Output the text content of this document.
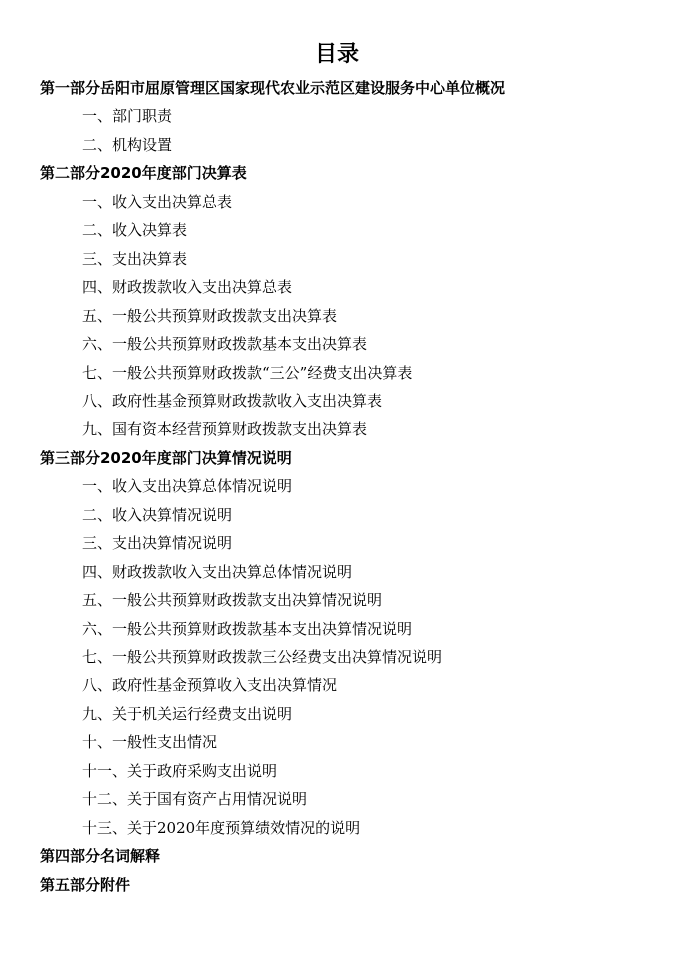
目录
第一部分岳阳市屈原管理区国家现代农业示范区建设服务中心单位概况
一、部门职责
二、机构设置
第二部分2020年度部门决算表
一、收入支出决算总表
二、收入决算表
三、支出决算表
四、财政拨款收入支出决算总表
五、一般公共预算财政拨款支出决算表
六、一般公共预算财政拨款基本支出决算表
七、一般公共预算财政拨款“三公”经费支出决算表
八、政府性基金预算财政拨款收入支出决算表
九、国有资本经营预算财政拨款支出决算表
第三部分2020年度部门决算情况说明
一、收入支出决算总体情况说明
二、收入决算情况说明
三、支出决算情况说明
四、财政拨款收入支出决算总体情况说明
五、一般公共预算财政拨款支出决算情况说明
六、一般公共预算财政拨款基本支出决算情况说明
七、一般公共预算财政拨款三公经费支出决算情况说明
八、政府性基金预算收入支出决算情况
九、关于机关运行经费支出说明
十、一般性支出情况
十一、关于政府采购支出说明
十二、关于国有资产占用情况说明
十三、关于2020年度预算绩效情况的说明
第四部分名词解释
第五部分附件
